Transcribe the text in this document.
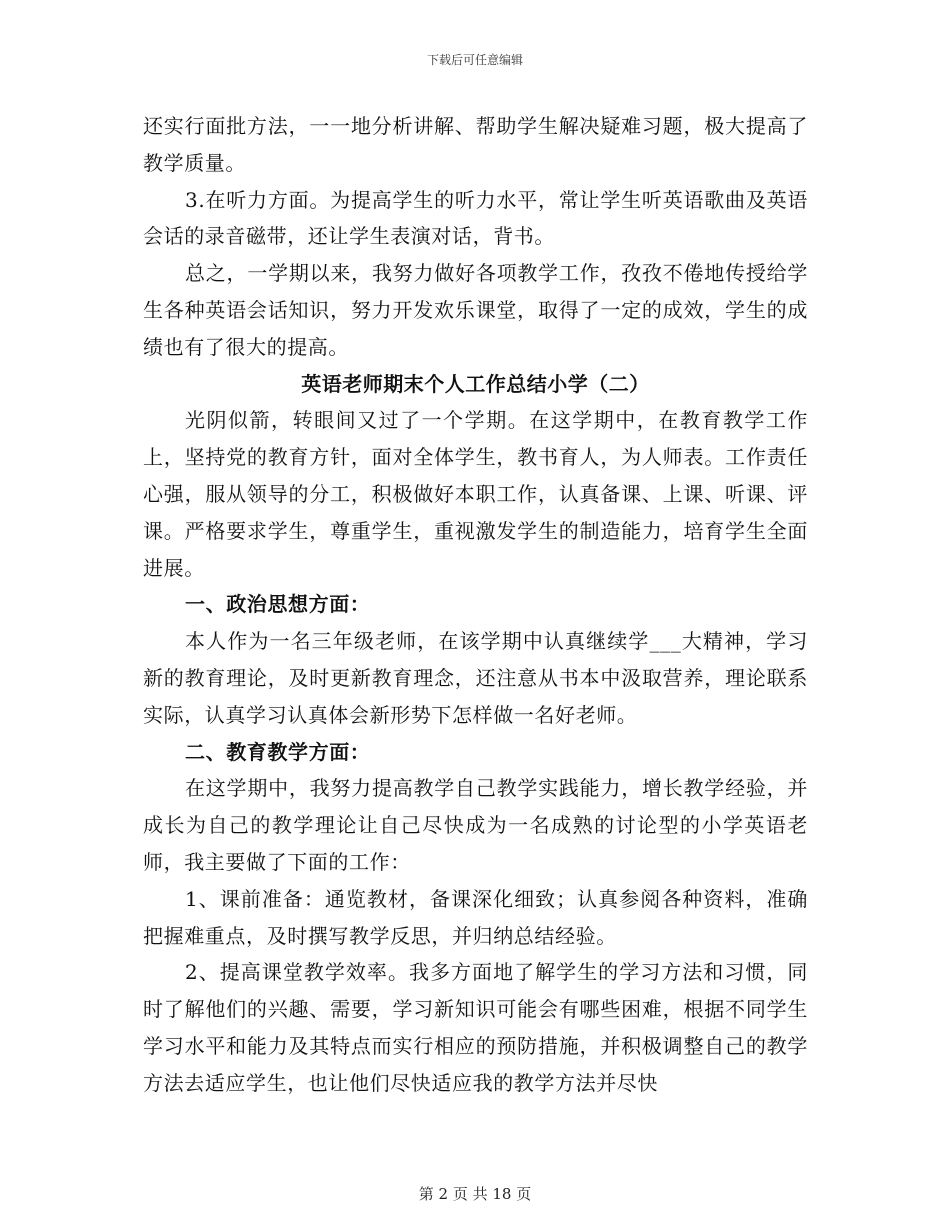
下载后可任意编辑

还实行面批方法，一一地分析讲解、帮助学生解决疑难习题，极大提高了教学质量。

3.在听力方面。为提高学生的听力水平，常让学生听英语歌曲及英语会话的录音磁带，还让学生表演对话，背书。

总之，一学期以来，我努力做好各项教学工作，孜孜不倦地传授给学生各种英语会话知识，努力开发欢乐课堂，取得了一定的成效，学生的成绩也有了很大的提高。

英语老师期末个人工作总结小学（二）

光阴似箭，转眼间又过了一个学期。在这学期中，在教育教学工作上，坚持党的教育方针，面对全体学生，教书育人，为人师表。工作责任心强，服从领导的分工，积极做好本职工作，认真备课、上课、听课、评课。严格要求学生，尊重学生，重视激发学生的制造能力，培育学生全面进展。

一、政治思想方面：

本人作为一名三年级老师，在该学期中认真继续学___大精神，学习新的教育理论，及时更新教育理念，还注意从书本中汲取营养，理论联系实际，认真学习认真体会新形势下怎样做一名好老师。

二、教育教学方面：

在这学期中，我努力提高教学自己教学实践能力，增长教学经验，并成长为自己的教学理论让自己尽快成为一名成熟的讨论型的小学英语老师，我主要做了下面的工作：

1、课前准备：通览教材，备课深化细致；认真参阅各种资料，准确把握难重点，及时撰写教学反思，并归纳总结经验。

2、提高课堂教学效率。我多方面地了解学生的学习方法和习惯，同时了解他们的兴趣、需要，学习新知识可能会有哪些困难，根据不同学生学习水平和能力及其特点而实行相应的预防措施，并积极调整自己的教学方法去适应学生，也让他们尽快适应我的教学方法并尽快

第 2 页 共 18 页
